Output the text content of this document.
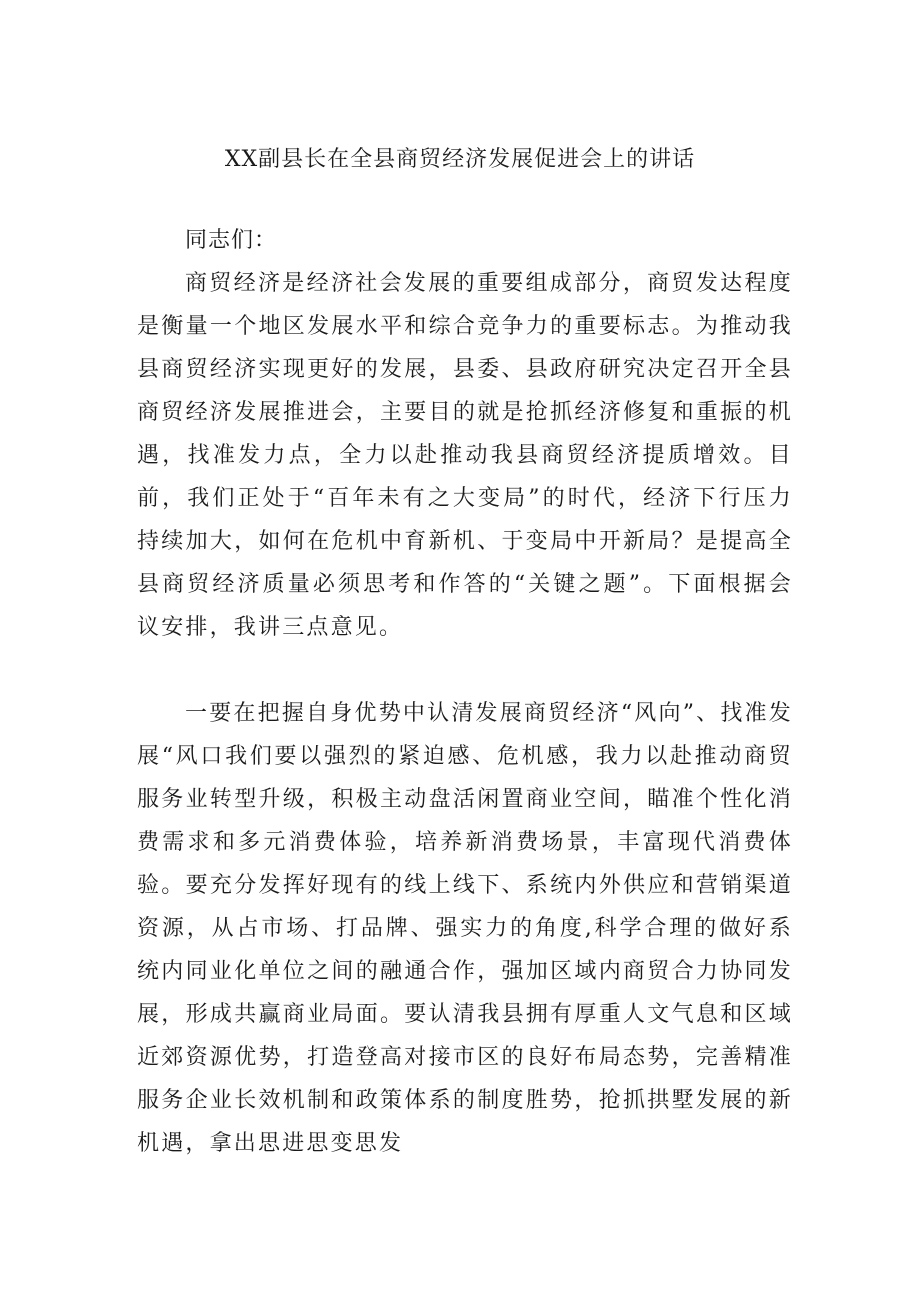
XX副县长在全县商贸经济发展促进会上的讲话

同志们：

商贸经济是经济社会发展的重要组成部分，商贸发达程度是衡量一个地区发展水平和综合竞争力的重要标志。为推动我县商贸经济实现更好的发展，县委、县政府研究决定召开全县商贸经济发展推进会，主要目的就是抢抓经济修复和重振的机遇，找准发力点，全力以赴推动我县商贸经济提质增效。目前，我们正处于“百年未有之大变局”的时代，经济下行压力持续加大，如何在危机中育新机、于变局中开新局？是提高全县商贸经济质量必须思考和作答的“关键之题”。下面根据会议安排，我讲三点意见。

一要在把握自身优势中认清发展商贸经济“风向”、找准发展“风口我们要以强烈的紧迫感、危机感，我力以赴推动商贸服务业转型升级，积极主动盘活闲置商业空间，瞄准个性化消费需求和多元消费体验，培养新消费场景，丰富现代消费体验。要充分发挥好现有的线上线下、系统内外供应和营销渠道资源，从占市场、打品牌、强实力的角度,科学合理的做好系统内同业化单位之间的融通合作，强加区域内商贸合力协同发展，形成共赢商业局面。要认清我县拥有厚重人文气息和区域近郊资源优势，打造登高对接市区的良好布局态势，完善精准服务企业长效机制和政策体系的制度胜势，抢抓拱墅发展的新机遇，拿出思进思变思发
